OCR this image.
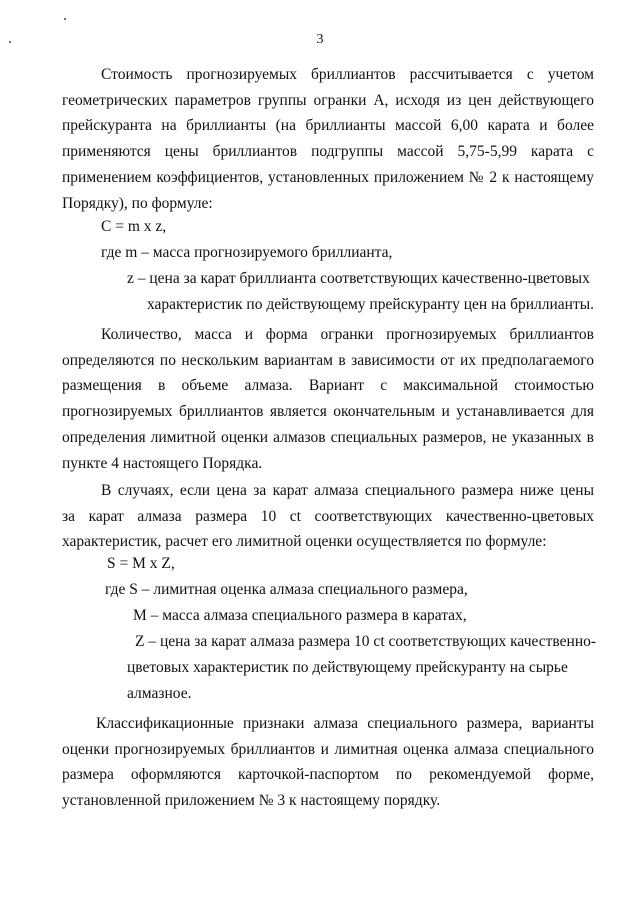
3
Стоимость прогнозируемых бриллиантов рассчитывается с учетом
геометрических параметров группы огранки А, исходя из цен действующего
прейскуранта на бриллианты (на бриллианты массой 6,00 карата и более
применяются цены бриллиантов подгруппы массой 5,75-5,99 карата с
применением коэффициентов, установленных приложением № 2 к настоящему
Порядку), по формуле:
С = m x z,
где m – масса прогнозируемого бриллианта,
z – цена за карат бриллианта соответствующих качественно-цветовых
характеристик по действующему прейскуранту цен на бриллианты.
Количество, масса и форма огранки прогнозируемых бриллиантов
определяются по нескольким вариантам в зависимости от их предполагаемого
размещения в объеме алмаза. Вариант с максимальной стоимостью
прогнозируемых бриллиантов является окончательным и устанавливается для
определения лимитной оценки алмазов специальных размеров, не указанных в
пункте 4 настоящего Порядка.
В случаях, если цена за карат алмаза специального размера ниже цены
за карат алмаза размера 10 ct соответствующих качественно-цветовых
характеристик, расчет его лимитной оценки осуществляется по формуле:
S = M x Z,
где S – лимитная оценка алмаза специального размера,
М – масса алмаза специального размера в каратах,
Z – цена за карат алмаза размера 10 ct соответствующих качественно-
цветовых характеристик по действующему прейскуранту на сырье
алмазное.
Классификационные признаки алмаза специального размера, варианты
оценки прогнозируемых бриллиантов и лимитная оценка алмаза специального
размера оформляются карточкой-паспортом по рекомендуемой форме,
установленной приложением № 3 к настоящему порядку.
